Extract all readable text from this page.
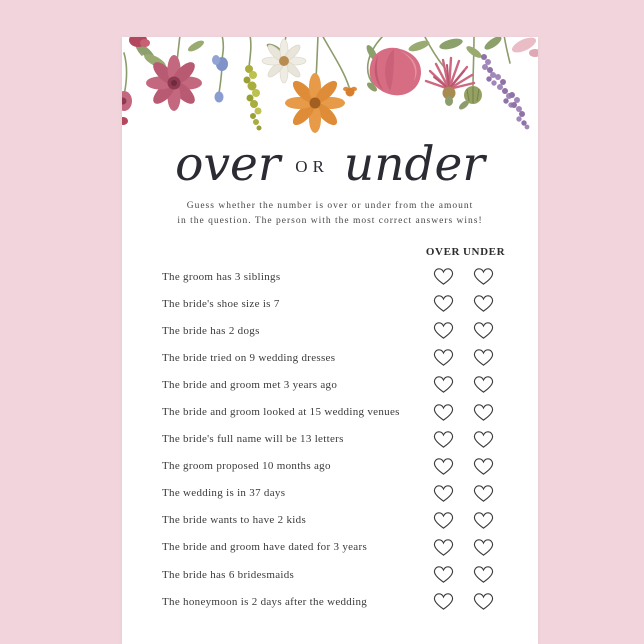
over OR under
Guess whether the number is over or under from the amount
in the question. The person with the most correct answers wins!
OVER UNDER
The groom has 3 siblings
The bride's shoe size is 7
The bride has 2 dogs
The bride tried on 9 wedding dresses
The bride and groom met 3 years ago
The bride and groom looked at 15 wedding venues
The bride's full name will be 13 letters
The groom proposed 10 months ago
The wedding is in 37 days
The bride wants to have 2 kids
The bride and groom have dated for 3 years
The bride has 6 bridesmaids
The honeymoon is 2 days after the wedding
